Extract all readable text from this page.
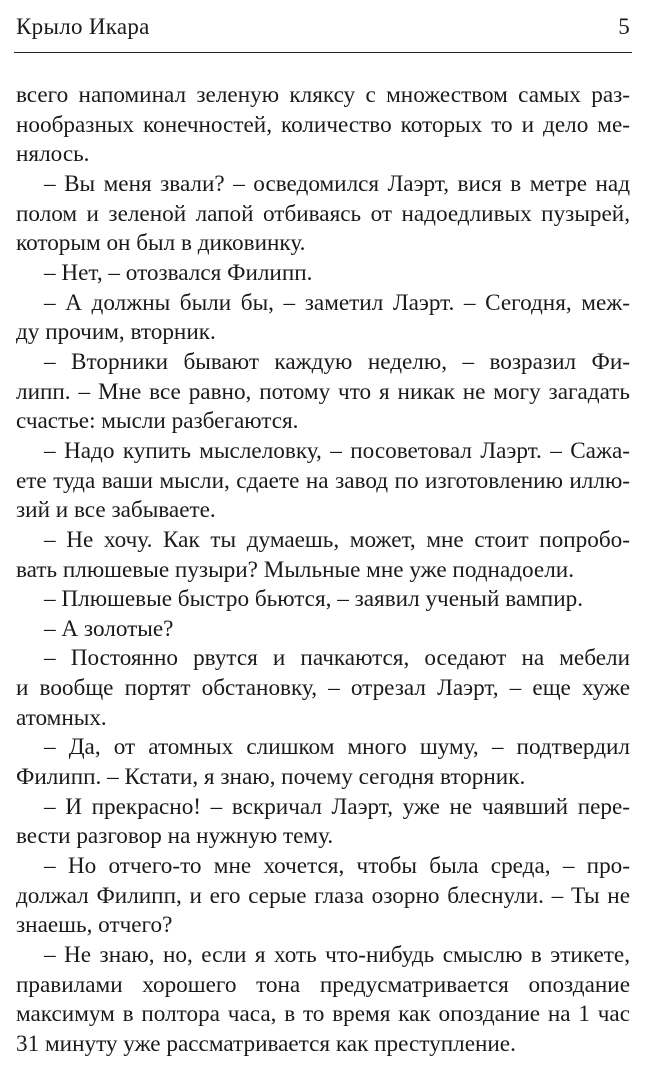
Крыло Икара	5
всего напоминал зеленую кляксу с множеством самых раз-
нообразных конечностей, количество которых то и дело ме-
нялось.
– Вы меня звали? – осведомился Лаэрт, вися в метре над
полом и зеленой лапой отбиваясь от надоедливых пузырей,
которым он был в диковинку.
– Нет, – отозвался Филипп.
– А должны были бы, – заметил Лаэрт. – Сегодня, меж-
ду прочим, вторник.
– Вторники бывают каждую неделю, – возразил Фи-
липп. – Мне все равно, потому что я никак не могу загадать
счастье: мысли разбегаются.
– Надо купить мыслеловку, – посоветовал Лаэрт. – Сажа-
ете туда ваши мысли, сдаете на завод по изготовлению иллю-
зий и все забываете.
– Не хочу. Как ты думаешь, может, мне стоит попробо-
вать плюшевые пузыри? Мыльные мне уже поднадоели.
– Плюшевые быстро бьются, – заявил ученый вампир.
– А золотые?
– Постоянно рвутся и пачкаются, оседают на мебели
и вообще портят обстановку, – отрезал Лаэрт, – еще хуже
атомных.
– Да, от атомных слишком много шуму, – подтвердил
Филипп. – Кстати, я знаю, почему сегодня вторник.
– И прекрасно! – вскричал Лаэрт, уже не чаявший пере-
вести разговор на нужную тему.
– Но отчего-то мне хочется, чтобы была среда, – про-
должал Филипп, и его серые глаза озорно блеснули. – Ты не
знаешь, отчего?
– Не знаю, но, если я хоть что-нибудь смыслю в этикете,
правилами хорошего тона предусматривается опоздание
максимум в полтора часа, в то время как опоздание на 1 час
31 минуту уже рассматривается как преступление.
